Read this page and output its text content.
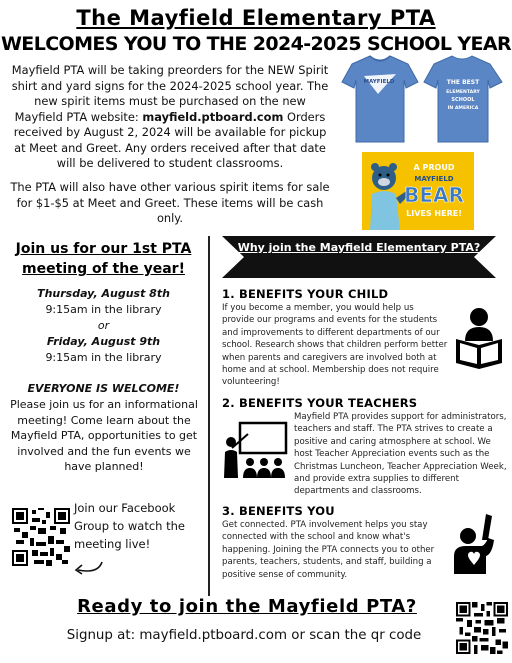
The Mayfield Elementary PTA
WELCOMES YOU TO THE 2024-2025 SCHOOL YEAR
Mayfield PTA will be taking preorders for the NEW Spirit shirt and yard signs for the 2024-2025 school year. The new spirit items must be purchased on the new Mayfield PTA website: mayfield.ptboard.com Orders received by August 2, 2024 will be available for pickup at Meet and Greet. Any orders received after that date will be delivered to student classrooms.
The PTA will also have other various spirit items for sale for $1-$5 at Meet and Greet. These items will be cash only.
MAYFIELD	THE BEST
ELEMENTARY
SCHOOL
IN AMERICA
A PROUD
MAYFIELD
BEAR
LIVES HERE!
Join us for our 1st PTA meeting of the year!
Thursday, August 8th
9:15am in the library
or
Friday, August 9th
9:15am in the library
EVERYONE IS WELCOME!
Please join us for an informational meeting! Come learn about the Mayfield PTA, opportunities to get involved and the fun events we have planned!
Join our Facebook Group to watch the meeting live!
Why join the Mayfield Elementary PTA?
1. BENEFITS YOUR CHILD
If you become a member, you would help us provide our programs and events for the students and improvements to different departments of our school. Research shows that children perform better when parents and caregivers are involved both at home and at school. Membership does not require volunteering!
2. BENEFITS YOUR TEACHERS
Mayfield PTA provides support for administrators, teachers and staff. The PTA strives to create a positive and caring atmosphere at school. We host Teacher Appreciation events such as the Christmas Luncheon, Teacher Appreciation Week, and provide extra supplies to different departments and classrooms.
3. BENEFITS YOU
Get connected. PTA involvement helps you stay connected with the school and know what's happening. Joining the PTA connects you to other parents, teachers, students, and staff, building a positive sense of community.
Ready to join the Mayfield PTA?
Signup at: mayfield.ptboard.com or scan the qr code
